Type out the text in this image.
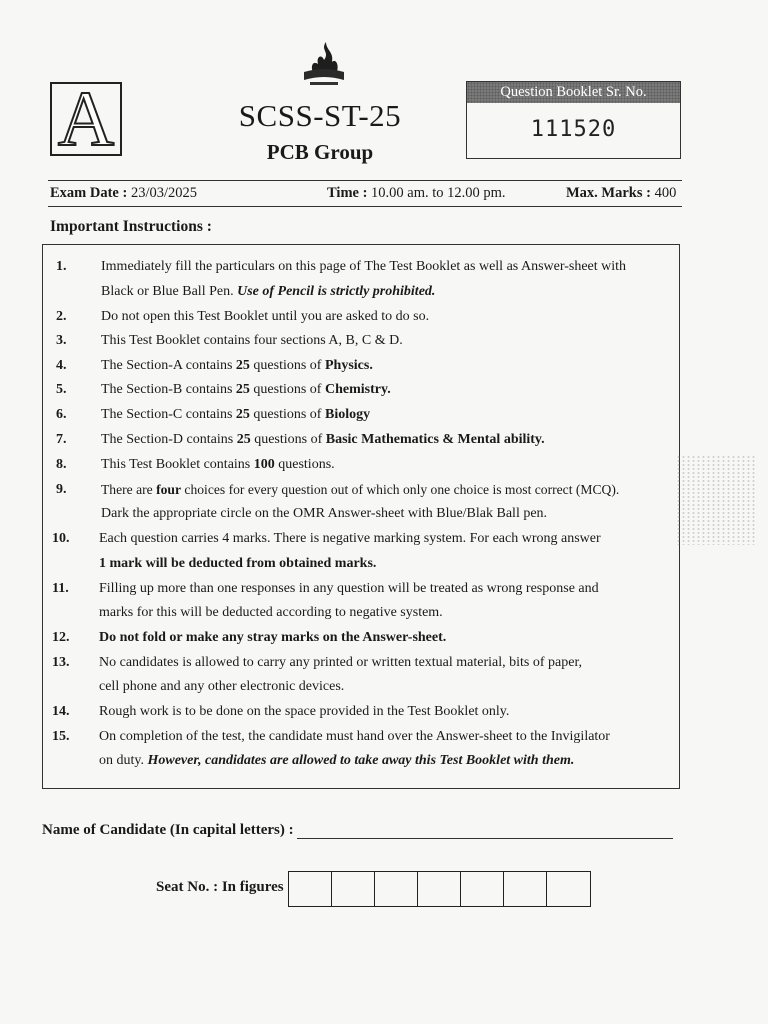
A	SCSS-ST-25
PCB Group
Question Booklet Sr. No.
111520
Exam Date : 23/03/2025	Time : 10.00 am. to 12.00 pm.	Max. Marks : 400
Important Instructions :
1. Immediately fill the particulars on this page of The Test Booklet as well as Answer-sheet with
Black or Blue Ball Pen. Use of Pencil is strictly prohibited.
2. Do not open this Test Booklet until you are asked to do so.
3. This Test Booklet contains four sections A, B, C & D.
4. The Section-A contains 25 questions of Physics.
5. The Section-B contains 25 questions of Chemistry.
6. The Section-C contains 25 questions of Biology
7. The Section-D contains 25 questions of Basic Mathematics & Mental ability.
8. This Test Booklet contains 100 questions.
9.	There are four choices for every question out of which only one choice is most correct (MCQ).
Dark the appropriate circle on the OMR Answer-sheet with Blue/Blak Ball pen.
10. Each question carries 4 marks. There is negative marking system. For each wrong answer
1 mark will be deducted from obtained marks.
11. Filling up more than one responses in any question will be treated as wrong response and
marks for this will be deducted according to negative system.
12. Do not fold or make any stray marks on the Answer-sheet.
13. No candidates is allowed to carry any printed or written textual material, bits of paper,
cell phone and any other electronic devices.
14. Rough work is to be done on the space provided in the Test Booklet only.
15. On completion of the test, the candidate must hand over the Answer-sheet to the Invigilator
on duty. However, candidates are allowed to take away this Test Booklet with them.
Name of Candidate (In capital letters) :
Seat No. : In figures
